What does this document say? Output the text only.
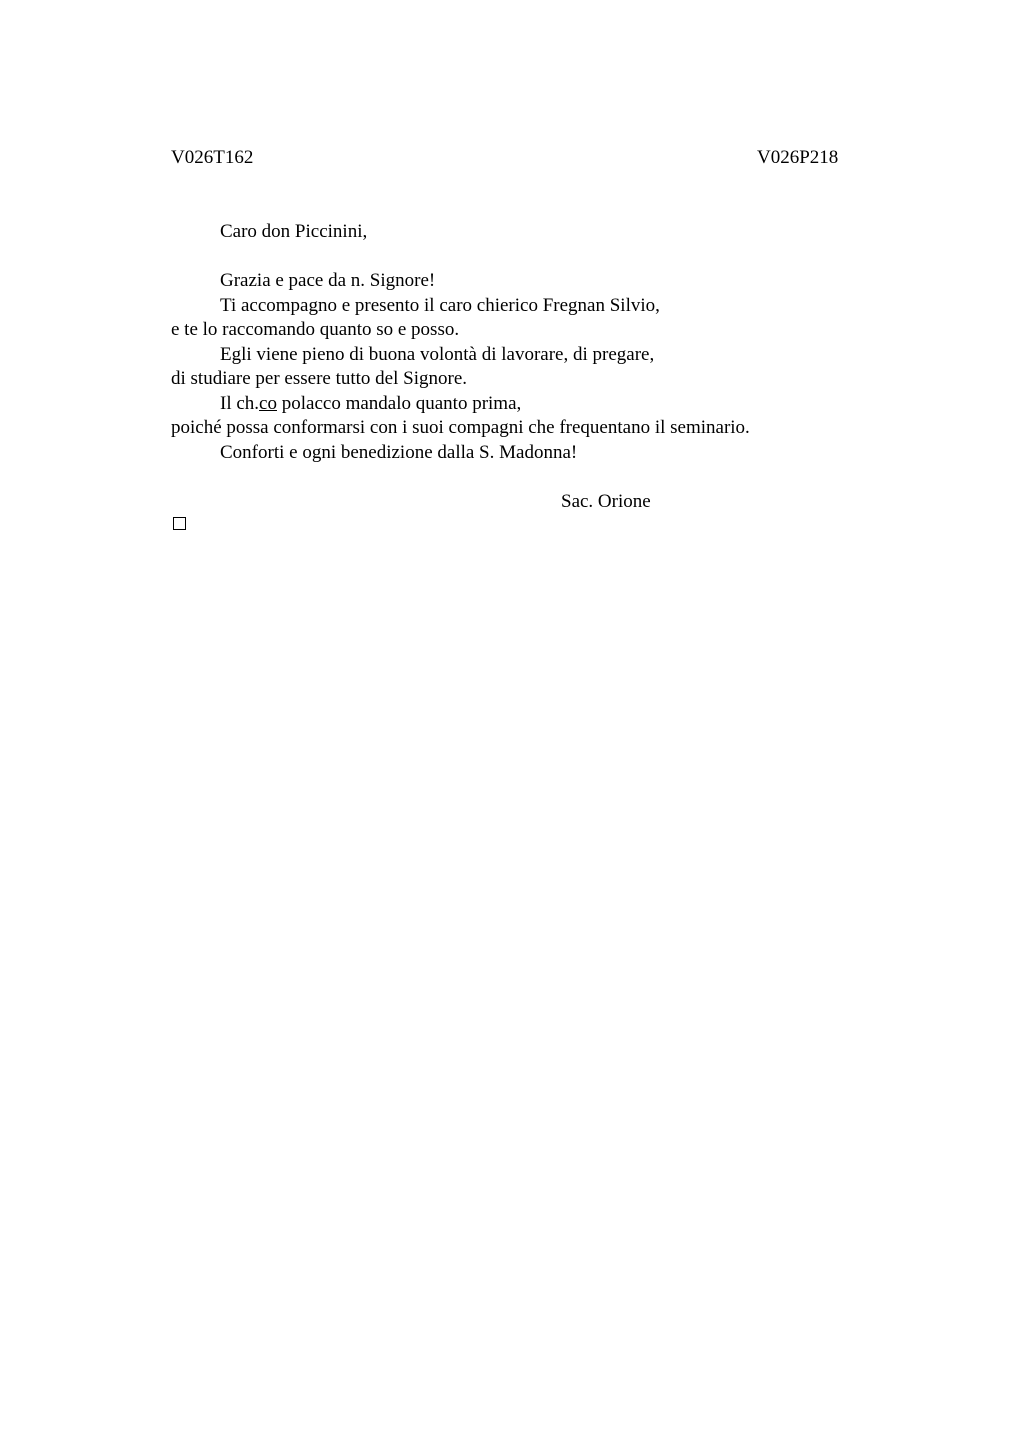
V026T162	V026P218
Caro don Piccinini,
Grazia e pace da n. Signore!
Ti accompagno e presento il caro chierico Fregnan Silvio,
e te lo raccomando quanto so e posso.
Egli viene pieno di buona volontà di lavorare, di pregare,
di studiare per essere tutto del Signore.
Il ch.co polacco mandalo quanto prima,
poiché possa conformarsi con i suoi compagni che frequentano il seminario.
Conforti e ogni benedizione dalla S. Madonna!
Sac. Orione
